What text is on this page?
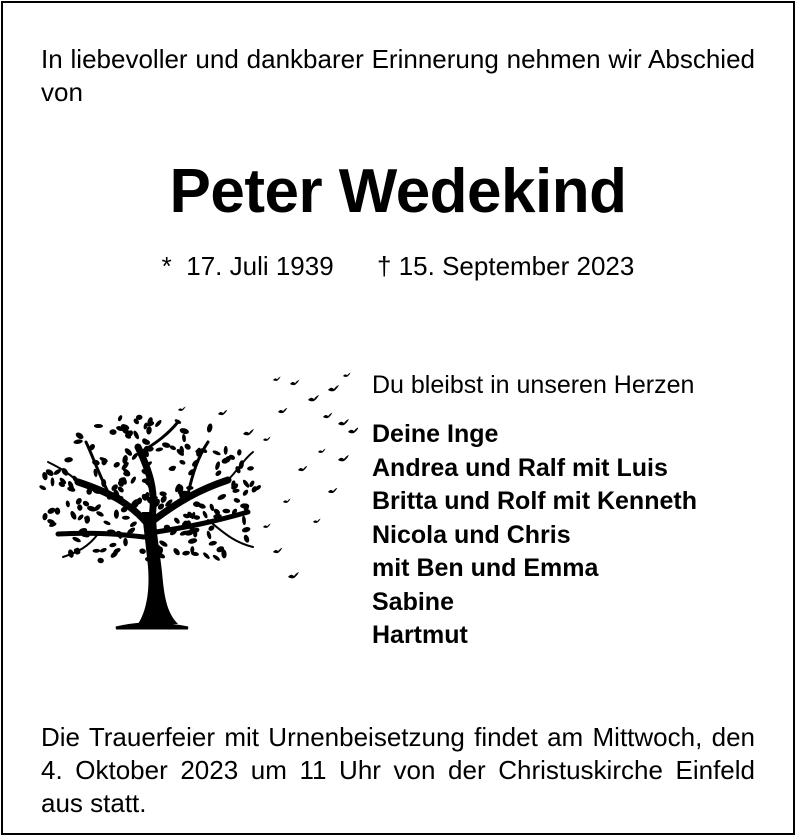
In liebevoller und dankbarer Erinnerung nehmen wir Abschied von
Peter Wedekind
*  17. Juli 1939 † 15. September 2023
Du bleibst in unseren Herzen
Deine Inge
Andrea und Ralf mit Luis
Britta und Rolf mit Kenneth
Nicola und Chris
mit Ben und Emma
Sabine
Hartmut
Die Trauerfeier mit Urnenbeisetzung findet am Mittwoch, den 4. Oktober 2023 um 11 Uhr von der Christuskirche Einfeld aus statt.
